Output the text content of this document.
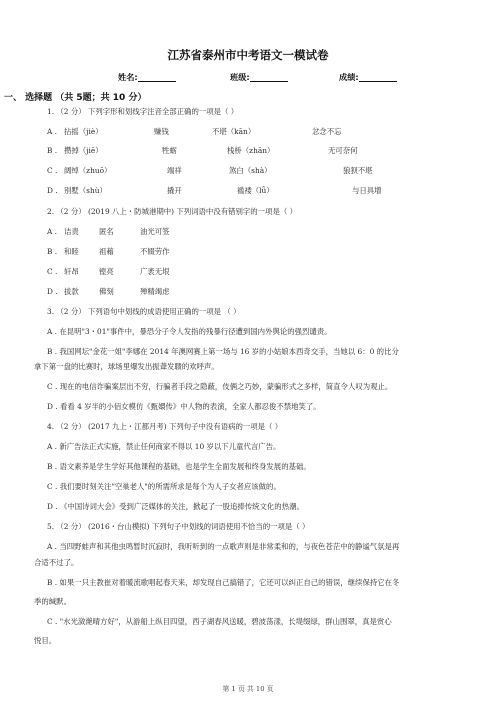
江苏省泰州市中考语文一模试卷
姓名:	班级:	成绩:
一、 选择题 （共 5题；共 10 分）
1. （2 分） 下列字形和划线字注音全部正确的一项是（ ）
A . 拈摇（jiè）	赚钱	不堪（kān）	忿念不忘
B . 攒掉（jiē）	牲蛎	栈桥（zhān）	无可奈何
C . 阔绰（zhuō）	端祥	煞白（shà）	狼狈不堪
D . 别墅（shù）	撬开	褴褛（lǚ）	与日具增
2. （2 分） (2019 八上・防城港期中) 下列词语中没有错别字的一项是（ ）
A . 诘责	匿名	油光可签
B . 和睦	祖藉	不辍劳作
C . 轩昂	镗亮	广袤无垠
D . 拔款	佛刻	殚精竭虑
3. （2 分） 下列语句中划线的成语使用正确的一项是 （ ）
A . 在昆明"3・01"事件中，暴恐分子令人发指的残暴行径遭到国内外舆论的强烈谴责。
B . 我国网坛"金花一姐"李娜在 2014 年澳网赛上第一场与 16 岁的小姑娘本西奇交手，当她以 6：0 的比分
拿下第一盘的比赛时，球场里爆发出振聋发聩的欢呼声。
C . 现在的电信诈骗案层出不穷，行骗者手段之隐蔽，伎俩之巧妙，蒙骗形式之多样，简直令人叹为观止。
D . 看看 4 岁半的小佰女模仿《甄嬛传》中人物的表演，全家人都忍俊不禁地笑了。
4. （2 分） (2017 九上・江都月考) 下列句子中没有语病的一项是（ ）
A . 新广告法正式实施，禁止任何商家不得以 10 岁以下儿童代言广告。
B . 语文素养是学生学好其他课程的基础，也是学生全面发展和终身发展的基础。
C . 我们要时刻关注"空巢老人"的所需所求是每个为人子女者应该做的。
D . 《中国诗词大会》受到广泛媒体的关注，掀起了一股追捧传统文化的热潮。
5. （2 分） (2016・台山模拟) 下列句子中划线的词语使用不恰当的一项是（ ）
A . 当四野蛙声和其他虫鸣暂时沉寂时，我听听到的一点歌声则是非常柔和的，与夜色苍茫中的静谧气氛是再
合适不过了。
B . 如果一只主教崔对着暖流歌唱起春天来，却发现自己搞错了，它还可以纠正自己的错误，继续保持它在冬
季的缄默。
C . "水光潋滟晴方好"，从游船上纵目四望，西子湖春风送暖，碧波荡漾，长堤缀绿，群山围翠，真是赏心
悦目。
第 1 页 共 10 页
